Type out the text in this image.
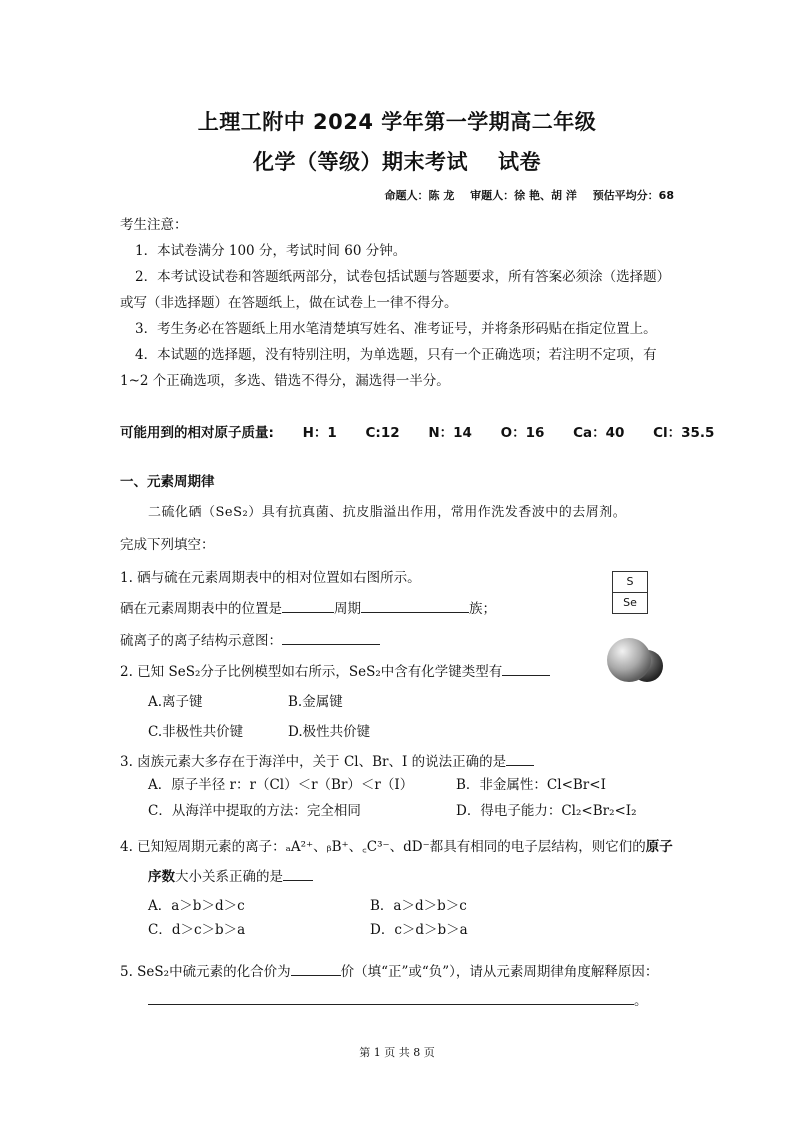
上理工附中 2024 学年第一学期高二年级
化学（等级）期末考试 试卷
命题人：陈 龙 审题人：徐 艳、胡 洋 预估平均分：68
考生注意：
1．本试卷满分 100 分，考试时间 60 分钟。
2．本考试设试卷和答题纸两部分，试卷包括试题与答题要求，所有答案必须涂（选择题）
或写（非选择题）在答题纸上，做在试卷上一律不得分。
3．考生务必在答题纸上用水笔清楚填写姓名、准考证号，并将条形码贴在指定位置上。
4．本试题的选择题，没有特别注明，为单选题，只有一个正确选项；若注明不定项，有
1~2 个正确选项，多选、错选不得分，漏选得一半分。
可能用到的相对原子质量: H：1 C:12 N：14 O：16 Ca：40 Cl：35.5
一、元素周期律
二硫化硒（SeS₂）具有抗真菌、抗皮脂溢出作用，常用作洗发香波中的去屑剂。
完成下列填空：
1. 硒与硫在元素周期表中的相对位置如右图所示。	S
Se
硒在元素周期表中的位置是	周期	族；
硫离子的离子结构示意图：
2. 已知 SeS₂分子比例模型如右所示，SeS₂中含有化学键类型有
A.离子键	B.金属键
C.非极性共价键	D.极性共价键
3. 卤族元素大多存在于海洋中，关于 Cl、Br、I 的说法正确的是
A．原子半径 r：r（Cl）＜r（Br）＜r（I）	B．非金属性：Cl<Br<I
C．从海洋中提取的方法：完全相同	D．得电子能力：Cl₂<Br₂<I₂
4. 已知短周期元素的离子：ₐA²⁺、ᵦB⁺、꜀C³⁻、dD⁻都具有相同的电子层结构，则它们的原子
序数大小关系正确的是
A．a＞b＞d＞c	B．a＞d＞b＞c
C．d＞c＞b＞a	D．c＞d＞b＞a
5. SeS₂中硫元素的化合价为	价（填“正”或“负”），请从元素周期律角度解释原因：
。
第 1 页 共 8 页
